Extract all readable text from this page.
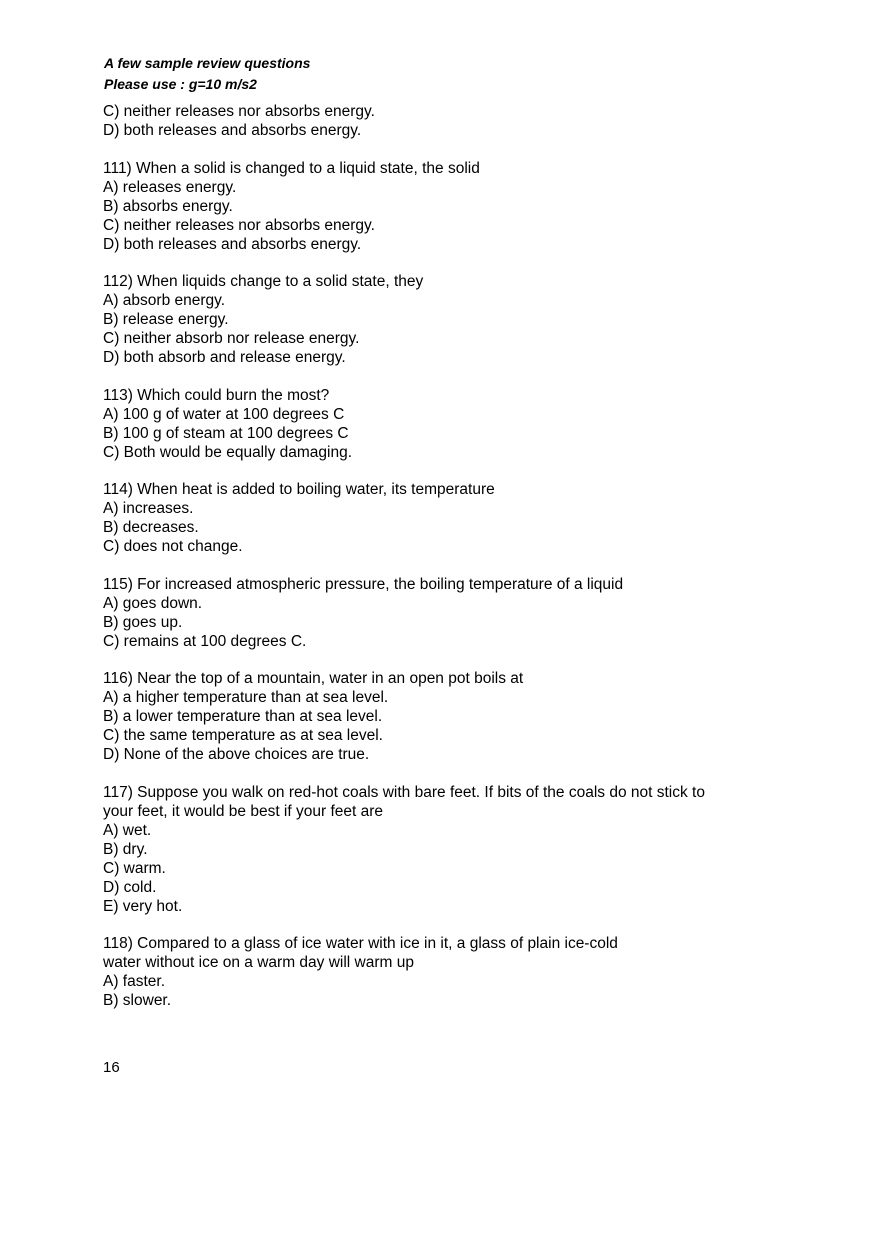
A few sample review questions
Please use : g=10 m/s2
C) neither releases nor absorbs energy.
D) both releases and absorbs energy.
111) When a solid is changed to a liquid state, the solid
A) releases energy.
B) absorbs energy.
C) neither releases nor absorbs energy.
D) both releases and absorbs energy.
112) When liquids change to a solid state, they
A) absorb energy.
B) release energy.
C) neither absorb nor release energy.
D) both absorb and release energy.
113) Which could burn the most?
A) 100 g of water at 100 degrees C
B) 100 g of steam at 100 degrees C
C) Both would be equally damaging.
114) When heat is added to boiling water, its temperature
A) increases.
B) decreases.
C) does not change.
115) For increased atmospheric pressure, the boiling temperature of a liquid
A) goes down.
B) goes up.
C) remains at 100 degrees C.
116) Near the top of a mountain, water in an open pot boils at
A) a higher temperature than at sea level.
B) a lower temperature than at sea level.
C) the same temperature as at sea level.
D) None of the above choices are true.
117) Suppose you walk on red-hot coals with bare feet. If bits of the coals do not stick to
your feet, it would be best if your feet are
A) wet.
B) dry.
C) warm.
D) cold.
E) very hot.
118) Compared to a glass of ice water with ice in it, a glass of plain ice-cold
water without ice on a warm day will warm up
A) faster.
B) slower.
16
